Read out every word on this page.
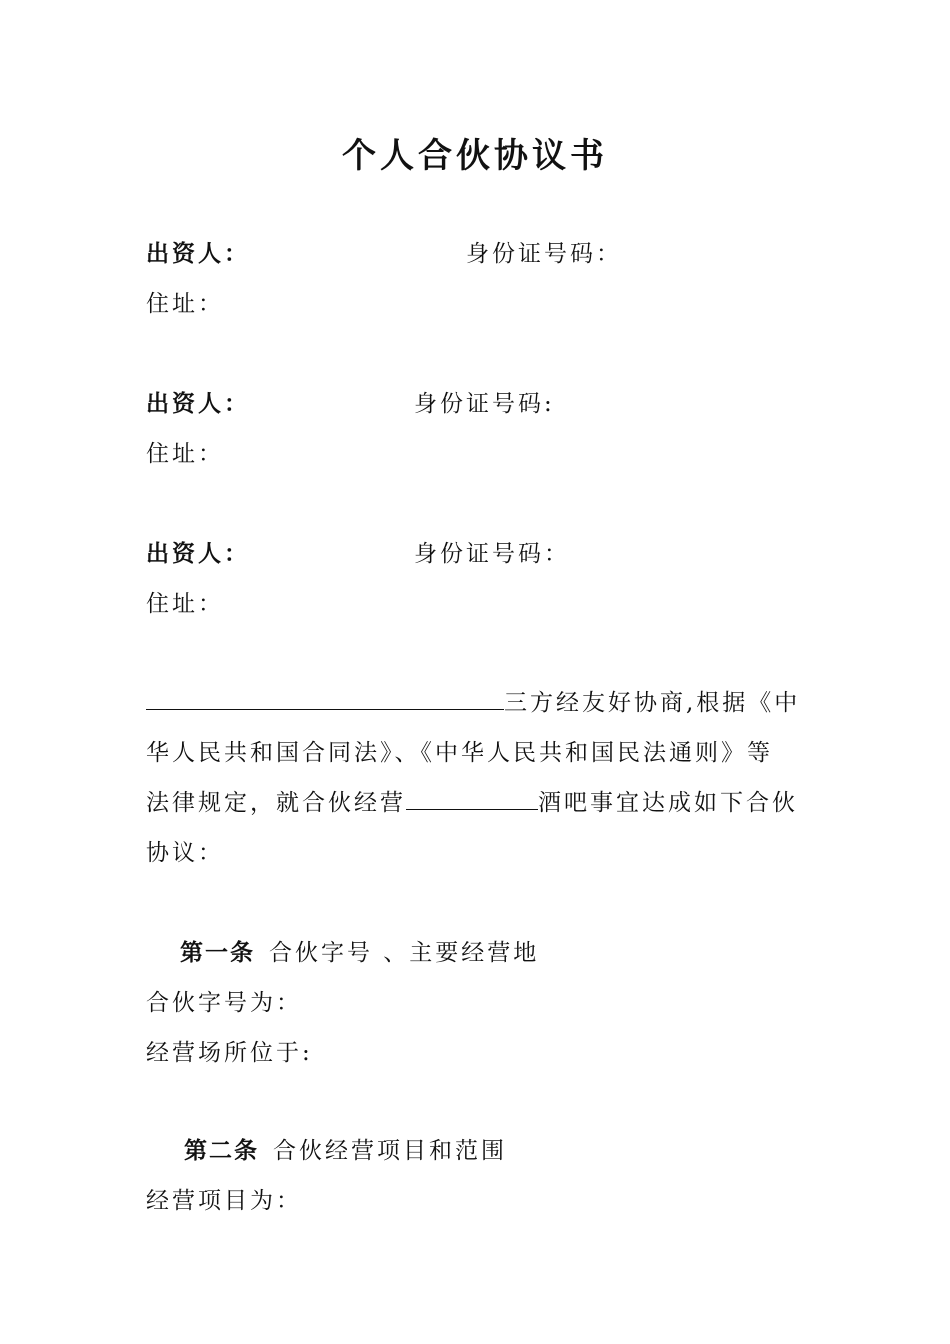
个人合伙协议书
出资人：	身份证号码：
住址：
出资人：	身份证号码:
住址：
出资人：	身份证号码：
住址：
三方经友好协商,根据《中
华人民共和国合同法》、《中华人民共和国民法通则》等
法律规定，就合伙经营	酒吧事宜达成如下合伙
协议：
第一条 合伙字号 、主要经营地
合伙字号为：
经营场所位于:
第二条 合伙经营项目和范围
经营项目为：
